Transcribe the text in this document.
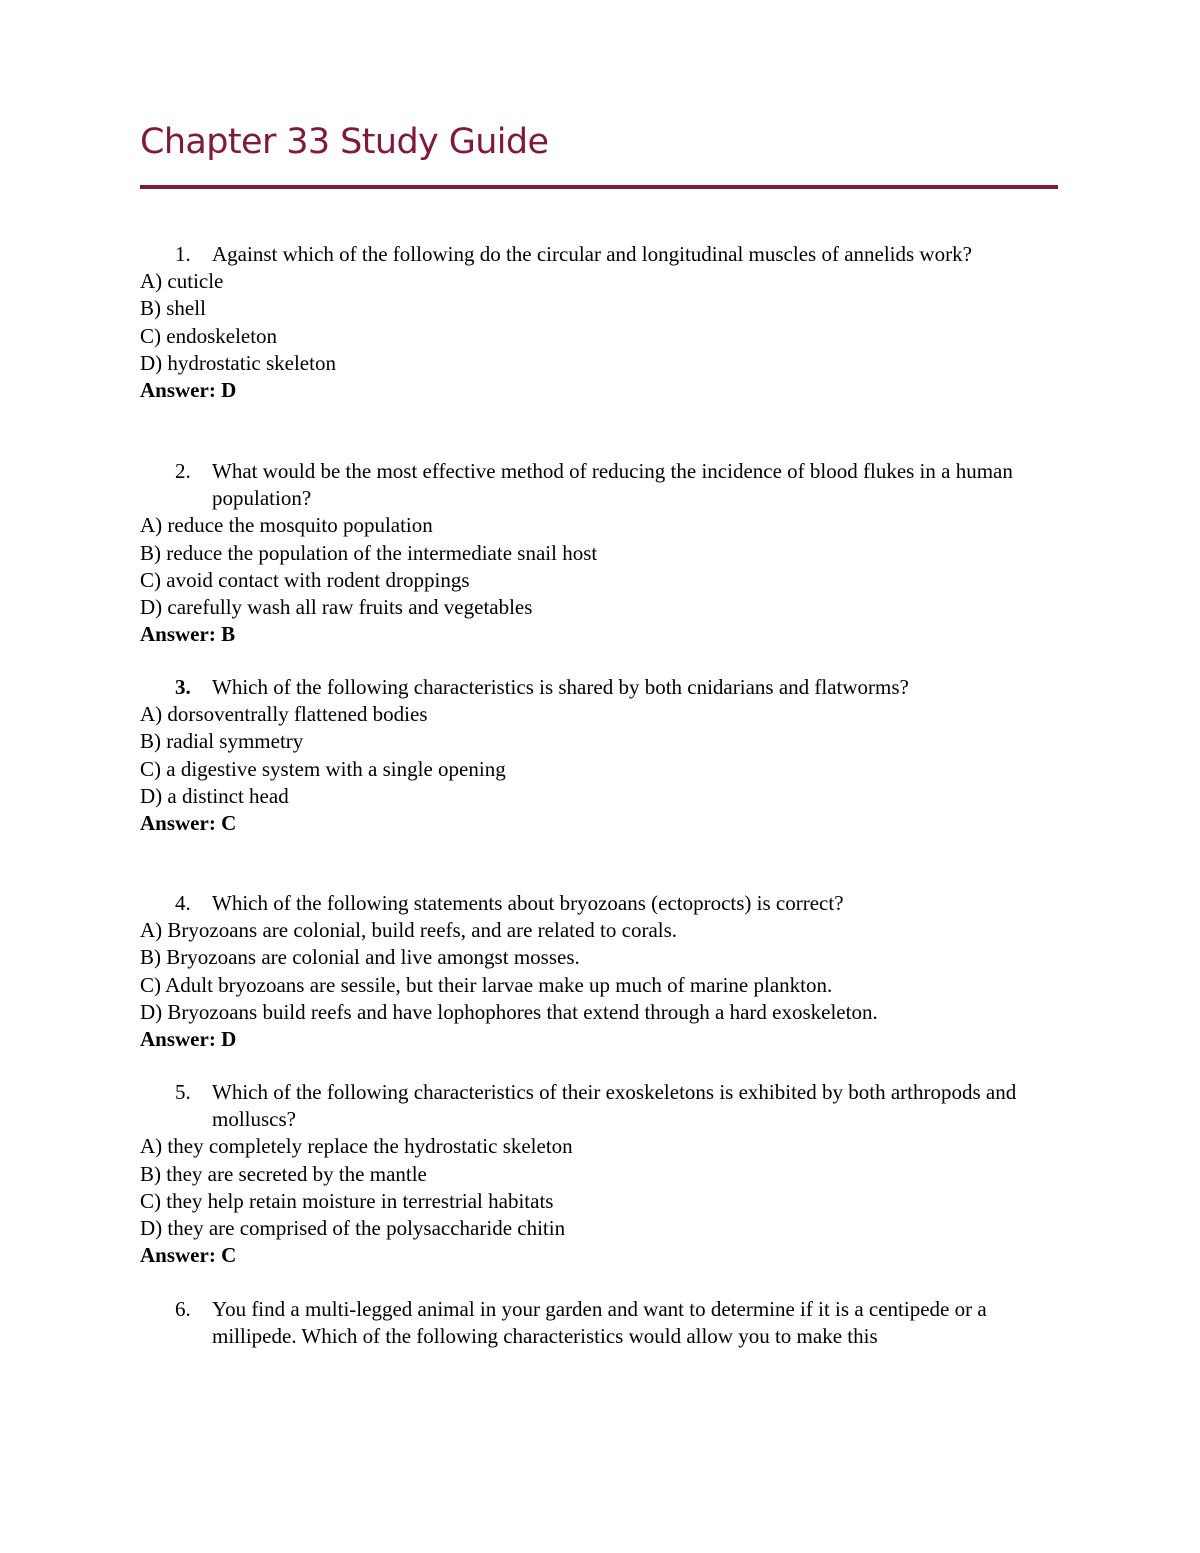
Chapter 33 Study Guide
1. Against which of the following do the circular and longitudinal muscles of annelids work?
A) cuticle
B) shell
C) endoskeleton
D) hydrostatic skeleton
Answer: D
2. What would be the most effective method of reducing the incidence of blood flukes in a human population?
A) reduce the mosquito population
B) reduce the population of the intermediate snail host
C) avoid contact with rodent droppings
D) carefully wash all raw fruits and vegetables
Answer: B
3. Which of the following characteristics is shared by both cnidarians and flatworms?
A) dorsoventrally flattened bodies
B) radial symmetry
C) a digestive system with a single opening
D) a distinct head
Answer: C
4. Which of the following statements about bryozoans (ectoprocts) is correct?
A) Bryozoans are colonial, build reefs, and are related to corals.
B) Bryozoans are colonial and live amongst mosses.
C) Adult bryozoans are sessile, but their larvae make up much of marine plankton.
D) Bryozoans build reefs and have lophophores that extend through a hard exoskeleton.
Answer: D
5. Which of the following characteristics of their exoskeletons is exhibited by both arthropods and molluscs?
A) they completely replace the hydrostatic skeleton
B) they are secreted by the mantle
C) they help retain moisture in terrestrial habitats
D) they are comprised of the polysaccharide chitin
Answer: C
6. You find a multi-legged animal in your garden and want to determine if it is a centipede or a millipede. Which of the following characteristics would allow you to make this
